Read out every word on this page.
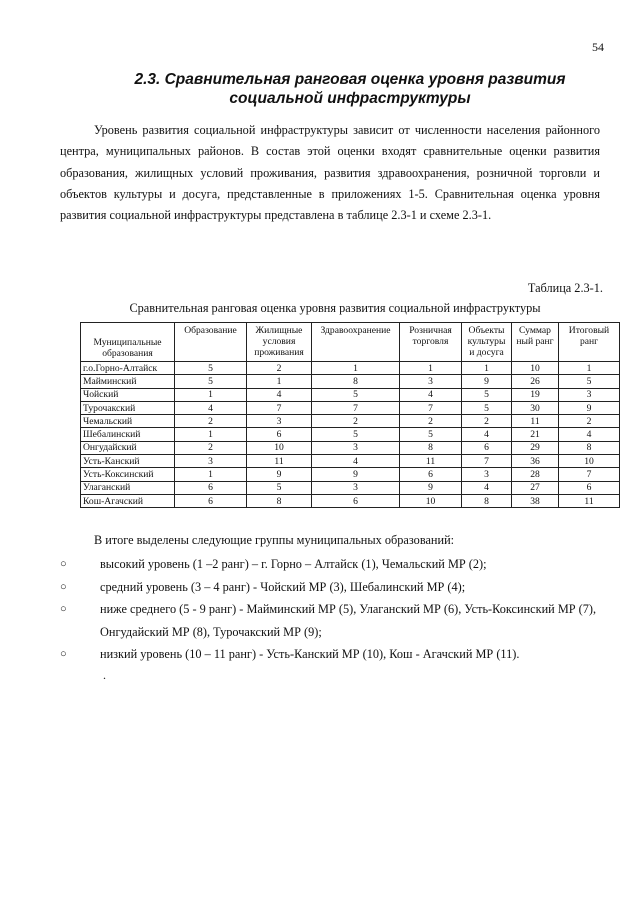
54
2.3. Сравнительная ранговая оценка уровня развития
социальной инфраструктуры
Уровень развития социальной инфраструктуры зависит от численности населения районного центра, муниципальных районов. В состав этой оценки входят сравнительные оценки развития образования, жилищных условий проживания, развития здравоохранения, розничной торговли и объектов культуры и досуга, представленные в приложениях 1-5. Сравнительная оценка уровня развития социальной инфраструктуры представлена в таблице 2.3-1 и схеме 2.3-1.
Таблица 2.3-1.
Сравнительная ранговая оценка уровня развития социальной инфраструктуры
Муниципальные образования	Образование	Жилищные условия проживания	Здравоохранение	Розничная торговля	Объекты культуры и досуга	Суммар ный ранг	Итоговый ранг
г.о.Горно-Алтайск	5	2	1	1	1	10	1
Майминский	5	1	8	3	9	26	5
Чойский	1	4	5	4	5	19	3
Турочакский	4	7	7	7	5	30	9
Чемальский	2	3	2	2	2	11	2
Шебалинский	1	6	5	5	4	21	4
Онгудайский	2	10	3	8	6	29	8
Усть-Канский	3	11	4	11	7	36	10
Усть-Коксинский	1	9	9	6	3	28	7
Улаганский	6	5	3	9	4	27	6
Кош-Агачский	6	8	6	10	8	38	11
В итоге выделены следующие группы муниципальных образований:
○	высокий уровень (1 –2 ранг) – г. Горно – Алтайск (1), Чемальский МР (2);
○	средний уровень (3 – 4 ранг) - Чойский МР (3), Шебалинский МР (4);
○	ниже среднего (5 - 9 ранг) - Майминский МР (5), Улаганский МР (6), Усть-Коксинский МР (7), Онгудайский МР (8), Турочакский МР (9);
○	низкий уровень (10 – 11 ранг) - Усть-Канский МР (10), Кош - Агачский МР (11).
.
